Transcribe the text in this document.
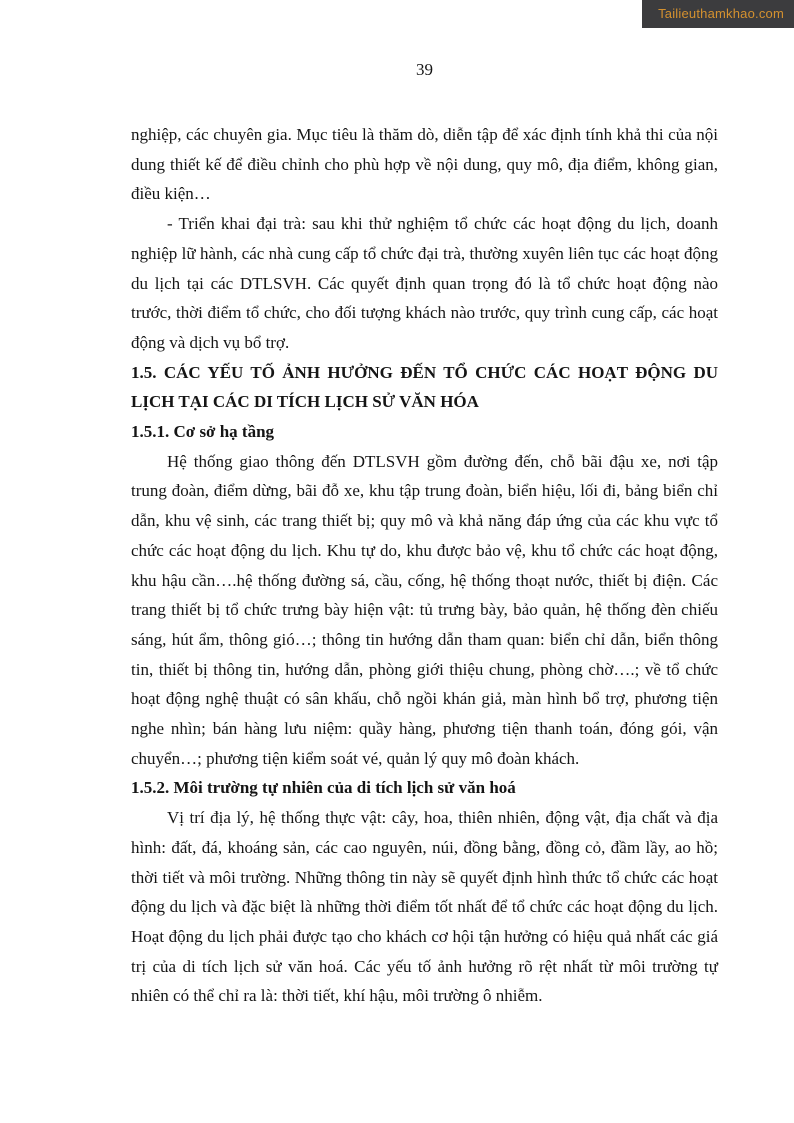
Tailieuthamkhao.com
39

nghiệp, các chuyên gia. Mục tiêu là thăm dò, diễn tập để xác định tính khả thi của nội dung thiết kế để điều chỉnh cho phù hợp về nội dung, quy mô, địa điểm, không gian, điều kiện…

- Triển khai đại trà: sau khi thử nghiệm tổ chức các hoạt động du lịch, doanh nghiệp lữ hành, các nhà cung cấp tổ chức đại trà, thường xuyên liên tục các hoạt động du lịch tại các DTLSVH. Các quyết định quan trọng đó là tổ chức hoạt động nào trước, thời điểm tổ chức, cho đối tượng khách nào trước, quy trình cung cấp, các hoạt động và dịch vụ bổ trợ.

1.5. CÁC YẾU TỐ ẢNH HƯỞNG ĐẾN TỔ CHỨC CÁC HOẠT ĐỘNG DU LỊCH TẠI CÁC DI TÍCH LỊCH SỬ VĂN HÓA
1.5.1. Cơ sở hạ tầng

Hệ thống giao thông đến DTLSVH gồm đường đến, chỗ bãi đậu xe, nơi tập trung đoàn, điểm dừng, bãi đỗ xe, khu tập trung đoàn, biển hiệu, lối đi, bảng biển chỉ dẫn, khu vệ sinh, các trang thiết bị; quy mô và khả năng đáp ứng của các khu vực tổ chức các hoạt động du lịch. Khu tự do, khu được bảo vệ, khu tổ chức các hoạt động, khu hậu cần….hệ thống đường sá, cầu, cống, hệ thống thoạt nước, thiết bị điện. Các trang thiết bị tổ chức trưng bày hiện vật: tủ trưng bày, bảo quản, hệ thống đèn chiếu sáng, hút ẩm, thông gió…; thông tin hướng dẫn tham quan: biển chỉ dẫn, biển thông tin, thiết bị thông tin, hướng dẫn, phòng giới thiệu chung, phòng chờ….; về tổ chức hoạt động nghệ thuật có sân khấu, chỗ ngồi khán giả, màn hình bổ trợ, phương tiện nghe nhìn; bán hàng lưu niệm: quầy hàng, phương tiện thanh toán, đóng gói, vận chuyển…; phương tiện kiểm soát vé, quản lý quy mô đoàn khách.

1.5.2. Môi trường tự nhiên của di tích lịch sử văn hoá

Vị trí địa lý, hệ thống thực vật: cây, hoa, thiên nhiên, động vật, địa chất và địa hình: đất, đá, khoáng sản, các cao nguyên, núi, đồng bằng, đồng cỏ, đầm lầy, ao hồ; thời tiết và môi trường. Những thông tin này sẽ quyết định hình thức tổ chức các hoạt động du lịch và đặc biệt là những thời điểm tốt nhất để tổ chức các hoạt động du lịch. Hoạt động du lịch phải được tạo cho khách cơ hội tận hưởng có hiệu quả nhất các giá trị của di tích lịch sử văn hoá. Các yếu tố ảnh hưởng rõ rệt nhất từ môi trường tự nhiên có thể chỉ ra là: thời tiết, khí hậu, môi trường ô nhiễm.
